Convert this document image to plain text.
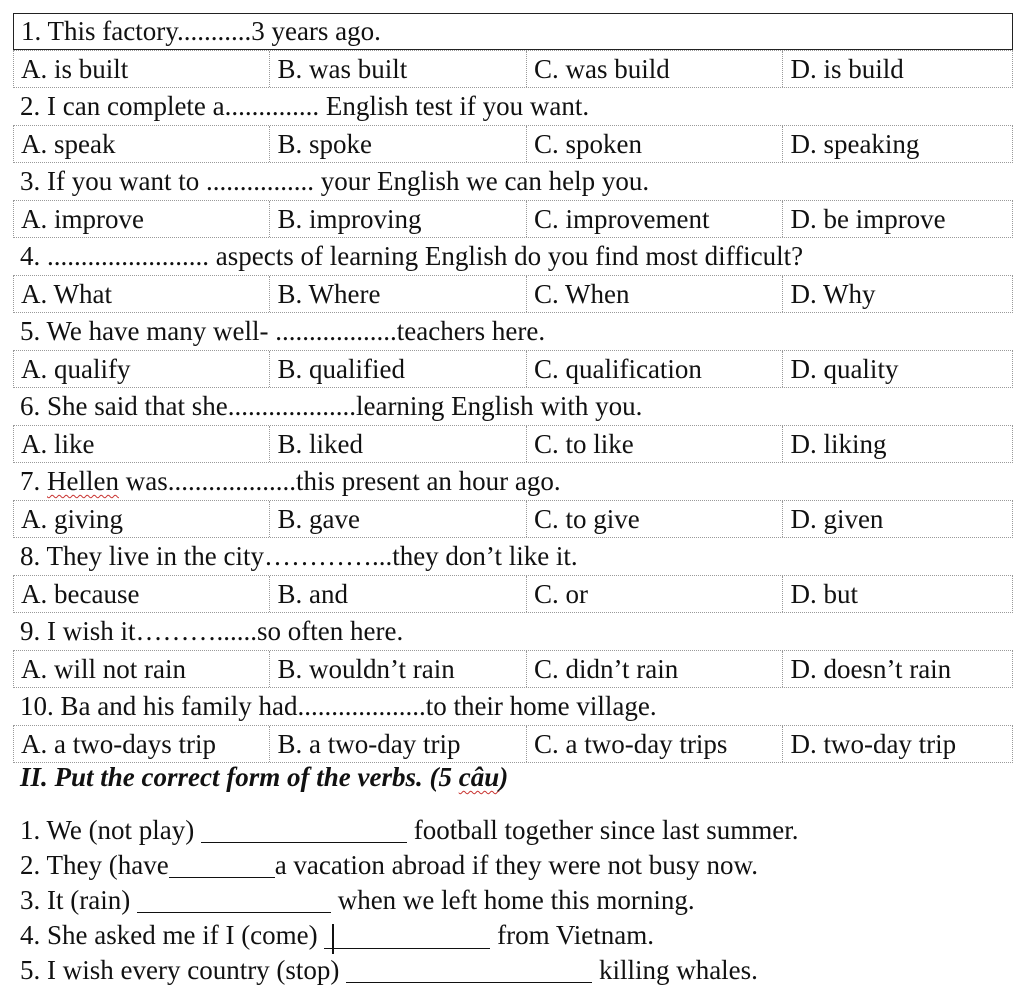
1. This factory...........3 years ago.
A. is built	B. was built	C. was build	D. is build
2. I can complete a.............. English test if you want.
A. speak	B. spoke	C. spoken	D. speaking
3. If you want to ................ your English we can help you.
A. improve	B. improving	C. improvement	D. be improve
4. ........................ aspects of learning English do you find most difficult?
A. What	B. Where	C. When	D. Why
5. We have many well- ..................teachers here.
A. qualify	B. qualified	C. qualification	D. quality
6. She said that she...................learning English with you.
A. like	B. liked	C. to like	D. liking
7. Hellen was...................this present an hour ago.
A. giving	B. gave	C. to give	D. given
8. They live in the city…………...they don’t like it.
A. because	B. and	C. or	D. but
9. I wish it………......so often here.
A. will not rain	B. wouldn’t rain	C. didn’t rain	D. doesn’t rain
10. Ba and his family had...................to their home village.
A. a two-days trip	B. a two-day trip	C. a two-day trips	D. two-day trip
II. Put the correct form of the verbs. (5 câu)
1. We (not play)	football together since last summer.
2. They (have	a vacation abroad if they were not busy now.
3. It (rain)	when we left home this morning.
4. She asked me if I (come)	from Vietnam.
5. I wish every country (stop)	killing whales.
